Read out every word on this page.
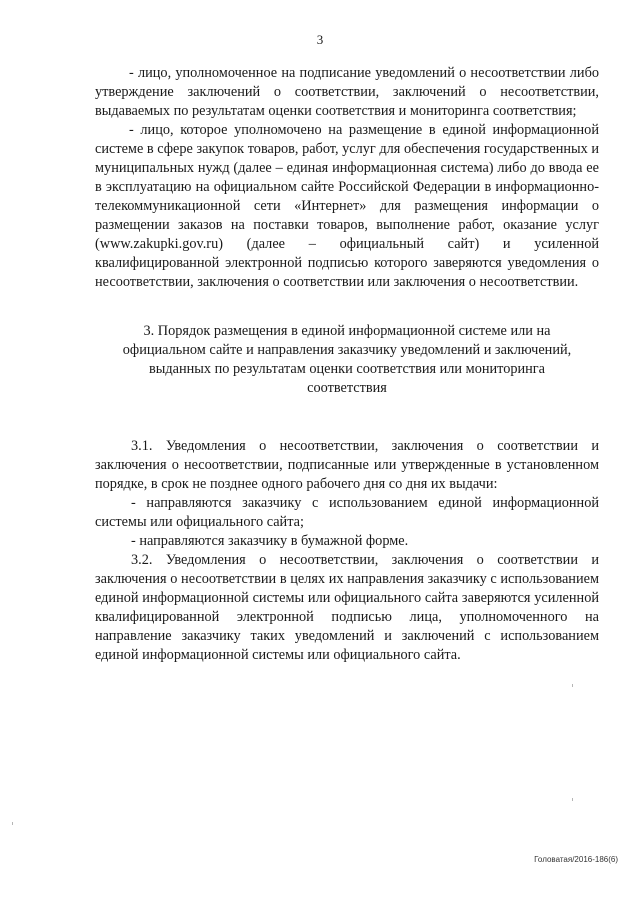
3

- лицо, уполномоченное на подписание уведомлений о несоответствии либо утверждение заключений о соответствии, заключений о несоответствии, выдаваемых по результатам оценки соответствия и мониторинга соответствия;

- лицо, которое уполномочено на размещение в единой информационной системе в сфере закупок товаров, работ, услуг для обеспечения государственных и муниципальных нужд (далее – единая информационная система) либо до ввода ее в эксплуатацию на официальном сайте Российской Федерации в информационно-телекоммуникационной сети «Интернет» для размещения информации о размещении заказов на поставки товаров, выполнение работ, оказание услуг (www.zakupki.gov.ru) (далее – официальный сайт) и усиленной квалифицированной электронной подписью которого заверяются уведомления о несоответствии, заключения о соответствии или заключения о несоответствии.

3. Порядок размещения в единой информационной системе или на
официальном сайте и направления заказчику уведомлений и заключений,
выданных по результатам оценки соответствия или мониторинга
соответствия

3.1. Уведомления о несоответствии, заключения о соответствии и заключения о несоответствии, подписанные или утвержденные в установленном порядке, в срок не позднее одного рабочего дня со дня их выдачи:

- направляются заказчику с использованием единой информационной системы или официального сайта;

- направляются заказчику в бумажной форме.

3.2. Уведомления о несоответствии, заключения о соответствии и заключения о несоответствии в целях их направления заказчику с использованием единой информационной системы или официального сайта заверяются усиленной квалифицированной электронной подписью лица, уполномоченного на направление заказчику таких уведомлений и заключений с использованием единой информационной системы или официального сайта.

Головатая/2016-186(6)
